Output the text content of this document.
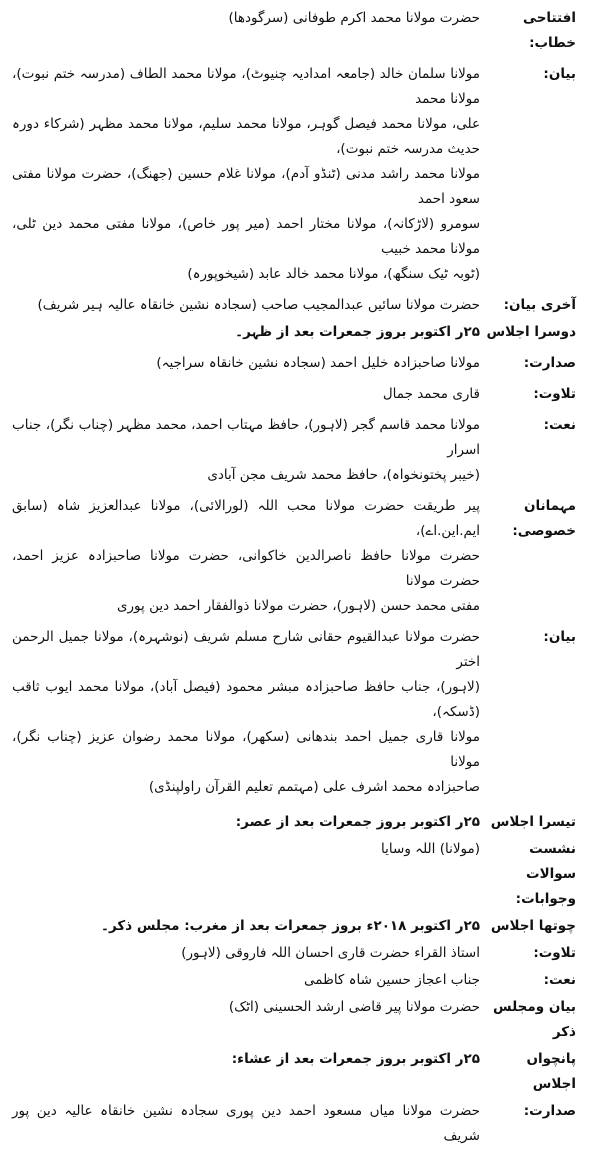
افتتاحی خطاب:
حضرت مولانا محمد اکرم طوفانی (سرگودھا)
بیان:
مولانا سلمان خالد (جامعہ امدادیہ چنیوٹ)، مولانا محمد الطاف (مدرسہ ختم نبوت)، مولانا محمد
علی، مولانا محمد فیصل گوہر، مولانا محمد سلیم، مولانا محمد مظہر (شرکاء دورہ حدیث مدرسہ ختم نبوت)،
مولانا محمد راشد مدنی (ٹنڈو آدم)، مولانا غلام حسین (جھنگ)، حضرت مولانا مفتی سعود احمد
سومرو (لاڑکانہ)، مولانا مختار احمد (میر پور خاص)، مولانا مفتی محمد دین ٹلی، مولانا محمد خبیب
(ٹوبہ ٹیک سنگھ)، مولانا محمد خالد عابد (شیخوپورہ)
آخری بیان:
حضرت مولانا سائیں عبدالمجیب صاحب (سجادہ نشین خانقاہ عالیہ ہیر شریف)
دوسرا اجلاس
۲۵ر اکتوبر بروز جمعرات بعد از ظہر۔
صدارت:
مولانا صاحبزادہ خلیل احمد (سجادہ نشین خانقاہ سراجیہ)
تلاوت:
قاری محمد جمال
نعت:
مولانا محمد قاسم گجر (لاہور)، حافظ مہتاب احمد، محمد مظہر (چناب نگر)، جناب اسرار
(خیبر پختونخواہ)، حافظ محمد شریف مجن آبادی
مہمانان خصوصی:
پیر طریقت حضرت مولانا محب اللہ (لورالائی)، مولانا عبدالعزیز شاہ (سابق ایم.این.اے)،
حضرت مولانا حافظ ناصرالدین خاکوانی، حضرت مولانا صاحبزادہ عزیز احمد، حضرت مولانا
مفتی محمد حسن (لاہور)، حضرت مولانا ذوالفقار احمد دین پوری
بیان:
حضرت مولانا عبدالقیوم حقانی شارح مسلم شریف (نوشہرہ)، مولانا جمیل الرحمن اختر
(لاہور)، جناب حافظ صاحبزادہ مبشر محمود (فیصل آباد)، مولانا محمد ایوب ثاقب (ڈسکہ)،
مولانا قاری جمیل احمد بندھانی (سکھر)، مولانا محمد رضوان عزیز (چناب نگر)، مولانا
صاحبزادہ محمد اشرف علی (مہتمم تعلیم القرآن راولپنڈی)
تیسرا اجلاس
۲۵ر اکتوبر بروز جمعرات بعد از عصر:
نشست سوالات وجوابات:
(مولانا) اللہ وسایا
چوتھا اجلاس
۲۵ر اکتوبر ۲۰۱۸ء بروز جمعرات بعد از مغرب: مجلس ذکر۔
تلاوت:
استاذ القراء حضرت قاری احسان اللہ فاروقی (لاہور)
نعت:
جناب اعجاز حسین شاہ کاظمی
بیان ومجلس ذکر
حضرت مولانا پیر قاضی ارشد الحسینی (اٹک)
پانچواں اجلاس
۲۵ر اکتوبر بروز جمعرات بعد از عشاء:
صدارت:
حضرت مولانا میاں مسعود احمد دین پوری سجادہ نشین خانقاہ عالیہ دین پور شریف
